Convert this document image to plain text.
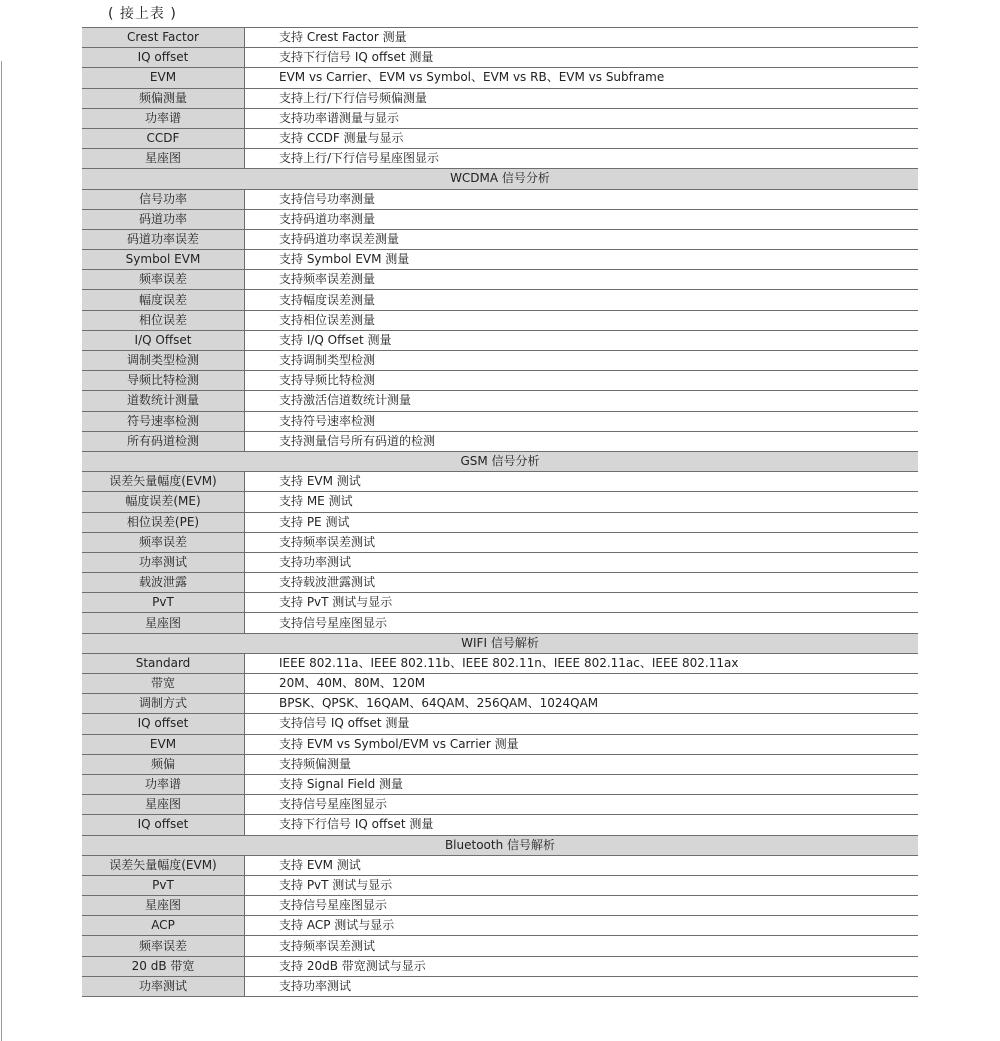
( 接上表 )
Crest Factor	支持 Crest Factor 测量
IQ offset	支持下行信号 IQ offset 测量
EVM	EVM vs Carrier、EVM vs Symbol、EVM vs RB、EVM vs Subframe
频偏测量	支持上行/下行信号频偏测量
功率谱	支持功率谱测量与显示
CCDF	支持 CCDF 测量与显示
星座图	支持上行/下行信号星座图显示
WCDMA 信号分析	
信号功率	支持信号功率测量
码道功率	支持码道功率测量
码道功率误差	支持码道功率误差测量
Symbol EVM	支持 Symbol EVM 测量
频率误差	支持频率误差测量
幅度误差	支持幅度误差测量
相位误差	支持相位误差测量
I/Q Offset	支持 I/Q Offset 测量
调制类型检测	支持调制类型检测
导频比特检测	支持导频比特检测
道数统计测量	支持激活信道数统计测量
符号速率检测	支持符号速率检测
所有码道检测	支持测量信号所有码道的检测
GSM 信号分析	
误差矢量幅度(EVM)	支持 EVM 测试
幅度误差(ME)	支持 ME 测试
相位误差(PE)	支持 PE 测试
频率误差	支持频率误差测试
功率测试	支持功率测试
载波泄露	支持载波泄露测试
PvT	支持 PvT 测试与显示
星座图	支持信号星座图显示
WIFI 信号解析	
Standard	IEEE 802.11a、IEEE 802.11b、IEEE 802.11n、IEEE 802.11ac、IEEE 802.11ax
带宽	20M、40M、80M、120M
调制方式	BPSK、QPSK、16QAM、64QAM、256QAM、1024QAM
IQ offset	支持信号 IQ offset 测量
EVM	支持 EVM vs Symbol/EVM vs Carrier 测量
频偏	支持频偏测量
功率谱	支持 Signal Field 测量
星座图	支持信号星座图显示
IQ offset	支持下行信号 IQ offset 测量
Bluetooth 信号解析	
误差矢量幅度(EVM)	支持 EVM 测试
PvT	支持 PvT 测试与显示
星座图	支持信号星座图显示
ACP	支持 ACP 测试与显示
频率误差	支持频率误差测试
20 dB 带宽	支持 20dB 带宽测试与显示
功率测试	支持功率测试
